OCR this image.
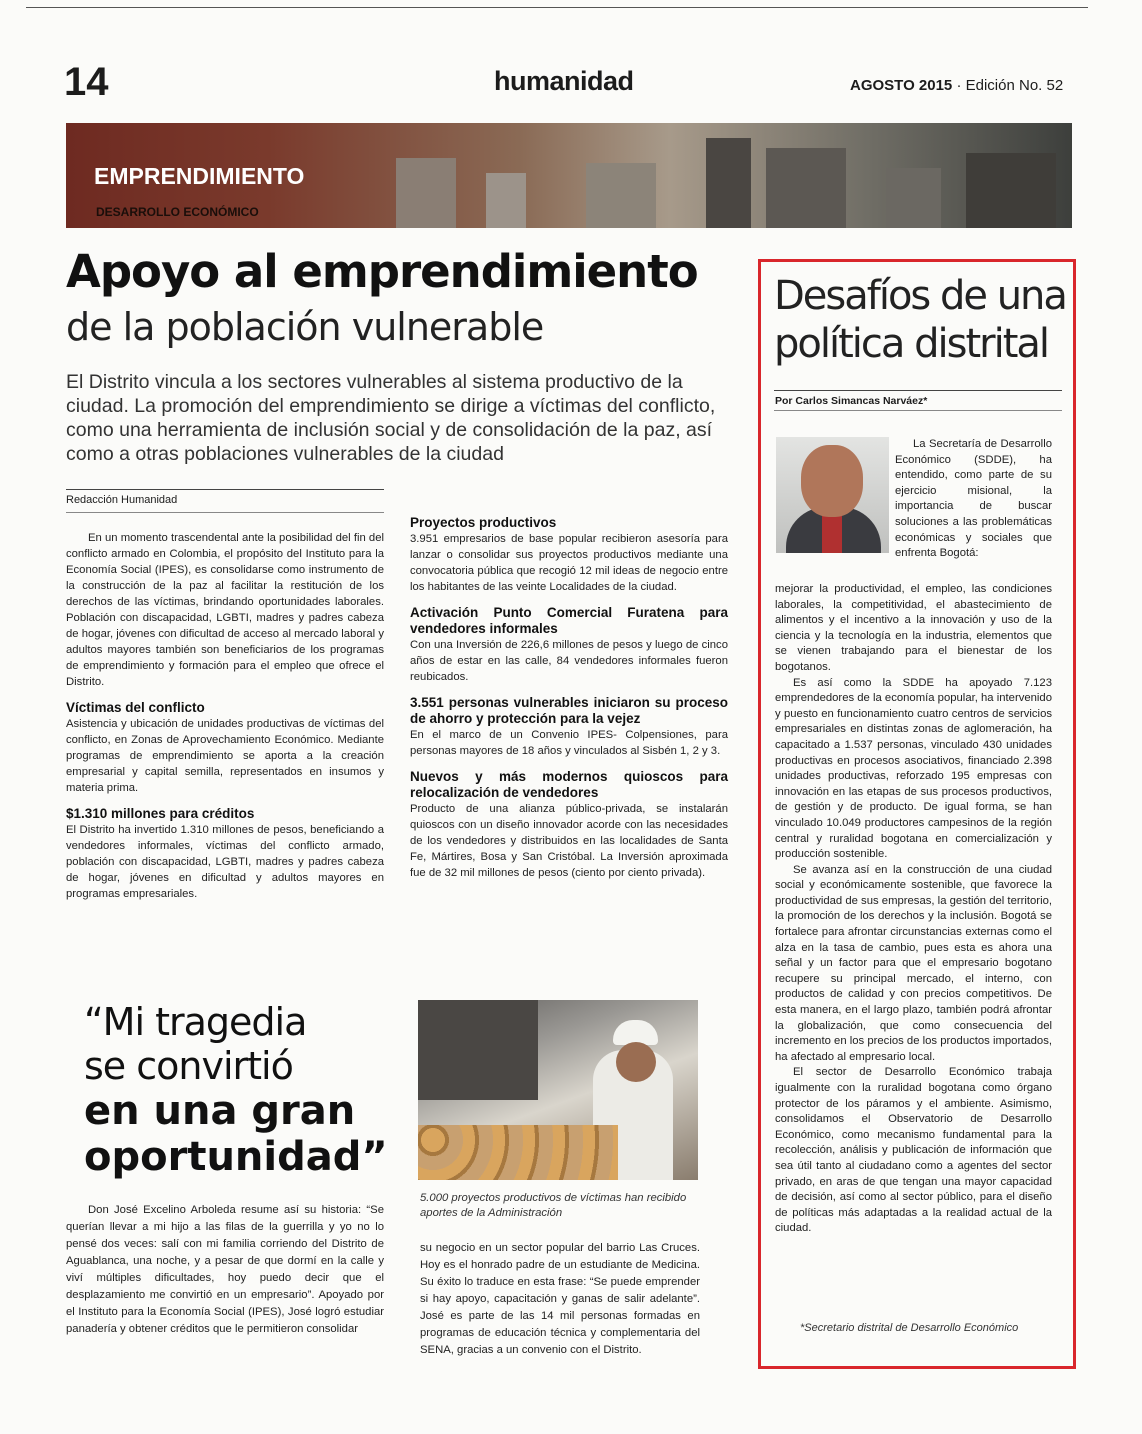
14	humanidad	AGOSTO 2015 · Edición No. 52
EMPRENDIMIENTO
DESARROLLO ECONÓMICO
Apoyo al emprendimiento
de la población vulnerable
El Distrito vincula a los sectores vulnerables al sistema productivo de la ciudad. La promoción del emprendimiento se dirige a víctimas del conflicto, como una herramienta de inclusión social y de consolidación de la paz, así como a otras poblaciones vulnerables de la ciudad
Redacción Humanidad

En un momento trascendental ante la posibilidad del fin del conflicto armado en Colombia, el propósito del Instituto para la Economía Social (IPES), es consolidarse como instrumento de la construcción de la paz al facilitar la restitución de los derechos de las víctimas, brindando oportunidades laborales. Población con discapacidad, LGBTI, madres y padres cabeza de hogar, jóvenes con dificultad de acceso al mercado laboral y adultos mayores también son beneficiarios de los programas de emprendimiento y formación para el empleo que ofrece el Distrito.

Víctimas del conflicto

Asistencia y ubicación de unidades productivas de víctimas del conflicto, en Zonas de Aprovechamiento Económico. Mediante programas de emprendimiento se aporta a la creación empresarial y capital semilla, representados en insumos y materia prima.

$1.310 millones para créditos

El Distrito ha invertido 1.310 millones de pesos, beneficiando a vendedores informales, víctimas del conflicto armado, población con discapacidad, LGBTI, madres y padres cabeza de hogar, jóvenes en dificultad y adultos mayores en programas empresariales.

Proyectos productivos

3.951 empresarios de base popular recibieron asesoría para lanzar o consolidar sus proyectos productivos mediante una convocatoria pública que recogió 12 mil ideas de negocio entre los habitantes de las veinte Localidades de la ciudad.

Activación Punto Comercial Furatena para vendedores informales

Con una Inversión de 226,6 millones de pesos y luego de cinco años de estar en las calle, 84 vendedores informales fueron reubicados.

3.551 personas vulnerables iniciaron su proceso de ahorro y protección para la vejez

En el marco de un Convenio IPES- Colpensiones, para personas mayores de 18 años y vinculados al Sisbén 1, 2 y 3.

Nuevos y más modernos quioscos para relocalización de vendedores

Producto de una alianza público-privada, se instalarán quioscos con un diseño innovador acorde con las necesidades de los vendedores y distribuidos en las localidades de Santa Fe, Mártires, Bosa y San Cristóbal. La Inversión aproximada fue de 32 mil millones de pesos (ciento por ciento privada).

“Mi tragedia
se convirtió
en una gran
oportunidad”
5.000 proyectos productivos de víctimas han recibido aportes de la Administración

Don José Excelino Arboleda resume así su historia: “Se querían llevar a mi hijo a las filas de la guerrilla y yo no lo pensé dos veces: salí con mi familia corriendo del Distrito de Aguablanca, una noche, y a pesar de que dormí en la calle y viví múltiples dificultades, hoy puedo decir que el desplazamiento me convirtió en un empresario”. Apoyado por el Instituto para la Economía Social (IPES), José logró estudiar panadería y obtener créditos que le permitieron consolidar

su negocio en un sector popular del barrio Las Cruces. Hoy es el honrado padre de un estudiante de Medicina. Su éxito lo traduce en esta frase: “Se puede emprender si hay apoyo, capacitación y ganas de salir adelante”. José es parte de las 14 mil personas formadas en programas de educación técnica y complementaria del SENA, gracias a un convenio con el Distrito.

Desafíos de una
política distrital
Por Carlos Simancas Narváez*

La Secretaría de Desarrollo Económico (SDDE), ha entendido, como parte de su ejercicio misional, la importancia de buscar soluciones a las problemáticas económicas y sociales que enfrenta Bogotá:

mejorar la productividad, el empleo, las condiciones laborales, la competitividad, el abastecimiento de alimentos y el incentivo a la innovación y uso de la ciencia y la tecnología en la industria, elementos que se vienen trabajando para el bienestar de los bogotanos.

Es así como la SDDE ha apoyado 7.123 emprendedores de la economía popular, ha intervenido y puesto en funcionamiento cuatro centros de servicios empresariales en distintas zonas de aglomeración, ha capacitado a 1.537 personas, vinculado 430 unidades productivas en procesos asociativos, financiado 2.398 unidades productivas, reforzado 195 empresas con innovación en las etapas de sus procesos productivos, de gestión y de producto. De igual forma, se han vinculado 10.049 productores campesinos de la región central y ruralidad bogotana en comercialización y producción sostenible.

Se avanza así en la construcción de una ciudad social y económicamente sostenible, que favorece la productividad de sus empresas, la gestión del territorio, la promoción de los derechos y la inclusión. Bogotá se fortalece para afrontar circunstancias externas como el alza en la tasa de cambio, pues esta es ahora una señal y un factor para que el empresario bogotano recupere su principal mercado, el interno, con productos de calidad y con precios competitivos. De esta manera, en el largo plazo, también podrá afrontar la globalización, que como consecuencia del incremento en los precios de los productos importados, ha afectado al empresario local.

El sector de Desarrollo Económico trabaja igualmente con la ruralidad bogotana como órgano protector de los páramos y el ambiente. Asimismo, consolidamos el Observatorio de Desarrollo Económico, como mecanismo fundamental para la recolección, análisis y publicación de información que sea útil tanto al ciudadano como a agentes del sector privado, en aras de que tengan una mayor capacidad de decisión, así como al sector público, para el diseño de políticas más adaptadas a la realidad actual de la ciudad.

*Secretario distrital de Desarrollo Económico
